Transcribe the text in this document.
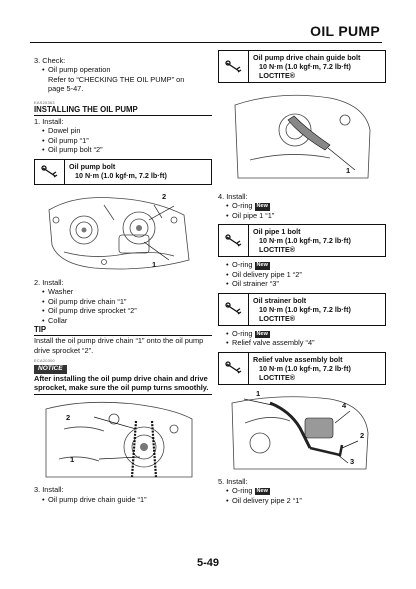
OIL PUMP

3. Check:

• Oil pump operation

Refer to “CHECKING THE OIL PUMP” on

page 5-47.

EAS20363

INSTALLING THE OIL PUMP

1. Install:

• Dowel pin

• Oil pump “1”

• Oil pump bolt “2”

Oil pump bolt
10 N·m (1.0 kgf·m, 7.2 lb·ft)
2
1

2. Install:

• Washer

• Oil pump drive chain “1”

• Oil pump drive sprocket “2”

• Collar

TIP

Install the oil pump drive chain “1” onto the oil pump drive sprocket “2”.

ECA20300

NOTICE

After installing the oil pump drive chain and drive sprocket, make sure the oil pump turns smoothly.

2
1

3. Install:

• Oil pump drive chain guide “1”

Oil pump drive chain guide bolt
10 N·m (1.0 kgf·m, 7.2 lb·ft)
LOCTITE®
1

4. Install:

• O-ring New

• Oil pipe 1 “1”

Oil pipe 1 bolt
10 N·m (1.0 kgf·m, 7.2 lb·ft)
LOCTITE®

• O-ring New

• Oil delivery pipe 1 “2”

• Oil strainer “3”

Oil strainer bolt
10 N·m (1.0 kgf·m, 7.2 lb·ft)
LOCTITE®

• O-ring New

• Relief valve assembly “4”

Relief valve assembly bolt
10 N·m (1.0 kgf·m, 7.2 lb·ft)
LOCTITE®
1
4
2
3

5. Install:

• O-ring New

• Oil delivery pipe 2 “1”

5-49
